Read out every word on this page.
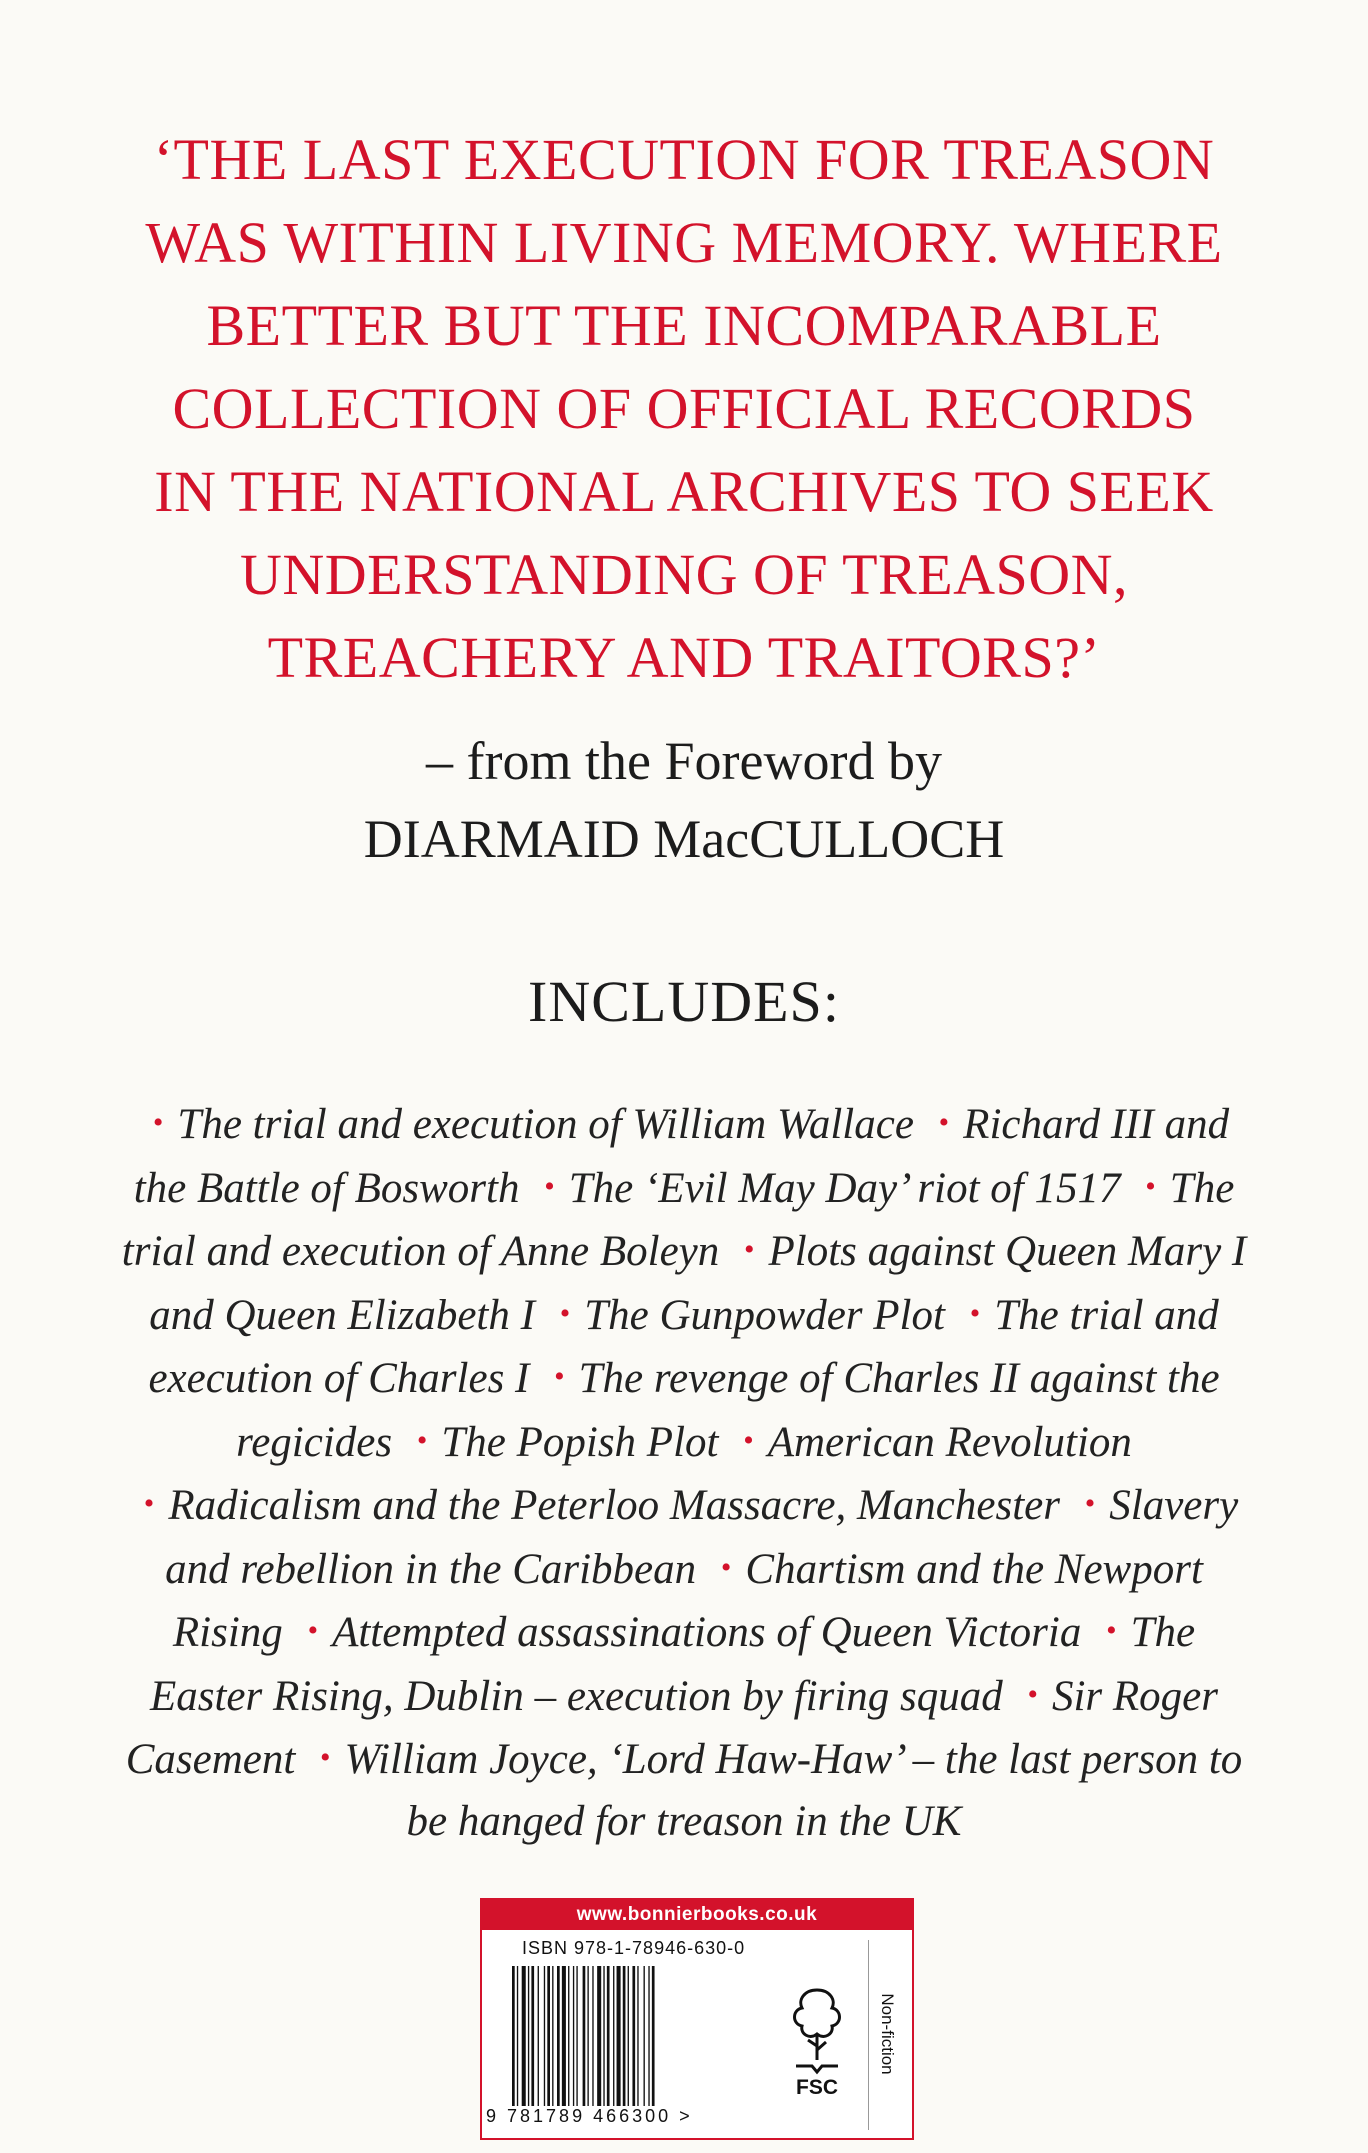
‘THE LAST EXECUTION FOR TREASON
WAS WITHIN LIVING MEMORY. WHERE
BETTER BUT THE INCOMPARABLE
COLLECTION OF OFFICIAL RECORDS
IN THE NATIONAL ARCHIVES TO SEEK
UNDERSTANDING OF TREASON,
TREACHERY AND TRAITORS?’
– from the Foreword by
DIARMAID MacCULLOCH
INCLUDES:
• The trial and execution of William Wallace • Richard III and the Battle of Bosworth • The ‘Evil May Day’ riot of 1517 • The trial and execution of Anne Boleyn • Plots against Queen Mary I and Queen Elizabeth I • The Gunpowder Plot • The trial and execution of Charles I • The revenge of Charles II against the regicides • The Popish Plot • American Revolution • Radicalism and the Peterloo Massacre, Manchester • Slavery and rebellion in the Caribbean • Chartism and the Newport Rising • Attempted assassinations of Queen Victoria • The Easter Rising, Dublin – execution by firing squad • Sir Roger Casement • William Joyce, ‘Lord Haw-Haw’ – the last person to be hanged for treason in the UK
www.bonnierbooks.co.uk
ISBN 978-1-78946-630-0
9 781789 466300 >
FSC
Non-fiction
